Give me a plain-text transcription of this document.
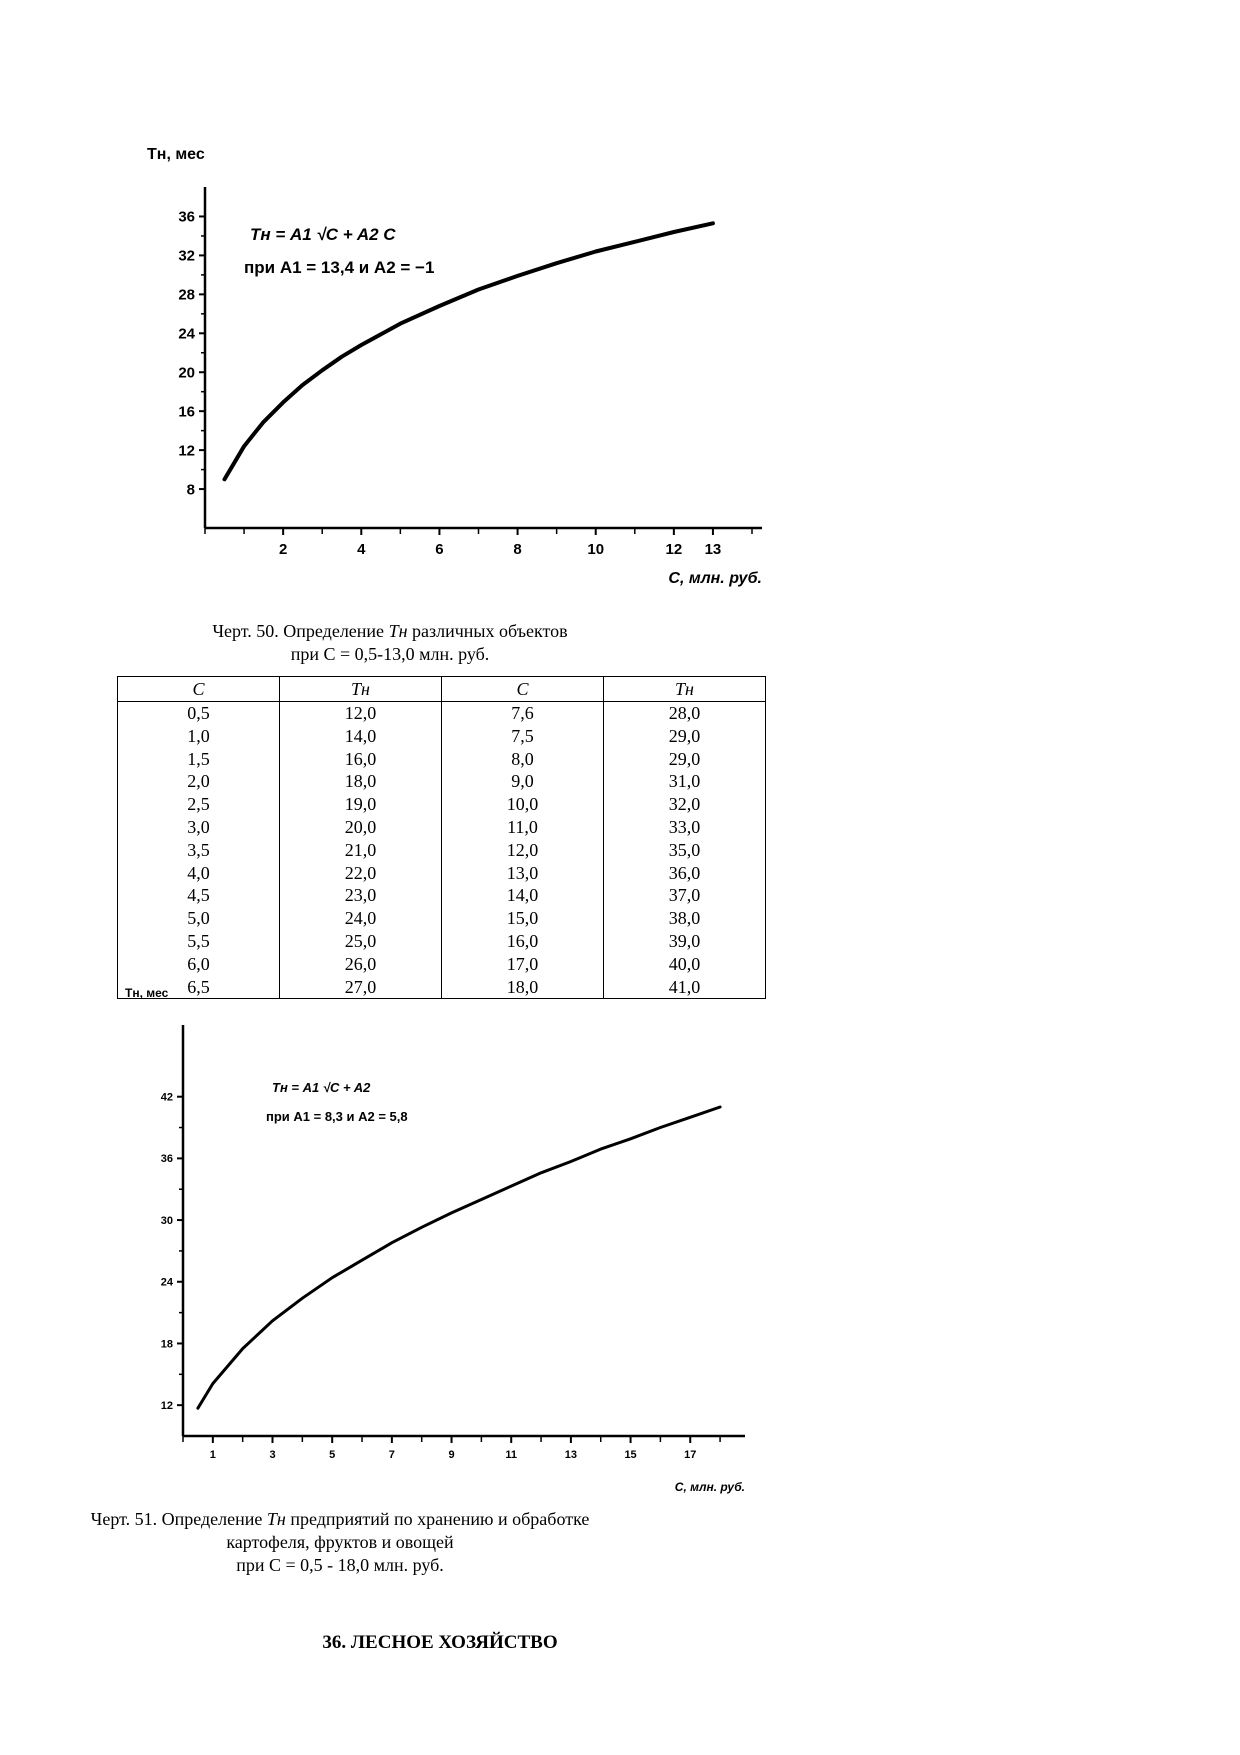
8
12
16
20
24
28
32
36
2	4	6	8	10	12 13
Тн, мес
С, млн. руб.
Тн = A1 √C + A2 C
при A1 = 13,4 и A2 = −1
Черт. 50. Определение Тн различных объектов
при С = 0,5-13,0 млн. руб.
С	Тн	С	Тн
0,5	12,0	7,6	28,0
1,0	14,0	7,5	29,0
1,5	16,0	8,0	29,0
2,0	18,0	9,0	31,0
2,5	19,0	10,0	32,0
3,0	20,0	11,0	33,0
3,5	21,0	12,0	35,0
4,0	22,0	13,0	36,0
4,5	23,0	14,0	37,0
5,0	24,0	15,0	38,0
5,5	25,0	16,0	39,0
6,0	26,0	17,0	40,0
6,5	27,0	18,0	41,0
12
18
24
30
36
42
1	3	5	7	9	11	13	15	17
Тн, мес
С, млн. руб.
Тн = A1 √C + A2
при A1 = 8,3 и A2 = 5,8
Черт. 51. Определение Тн предприятий по хранению и обработке
картофеля, фруктов и овощей
при С = 0,5 - 18,0 млн. руб.
36. ЛЕСНОЕ ХОЗЯЙСТВО
